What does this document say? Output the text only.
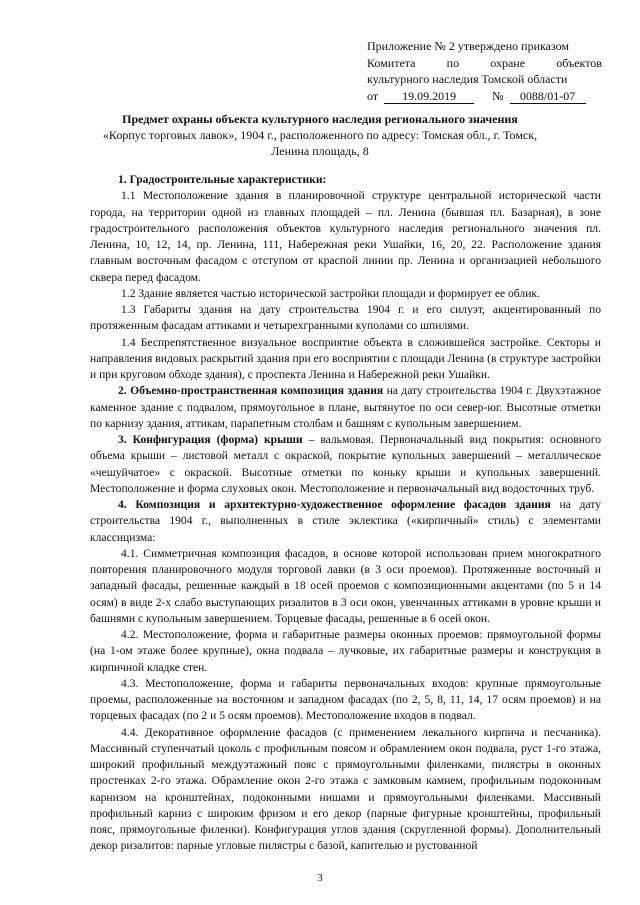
Приложение № 2 утверждено приказом
Комитета	по	охране	объектов
культурного наследия Томской области
от	19.09.2019	№	0088/01-07
Предмет охраны объекта культурного наследия регионального значения
«Корпус торговых лавок», 1904 г., расположенного по адресу: Томская обл., г. Томск,
Ленина площадь, 8

1. Градостроительные характеристики:

1.1 Местоположение здания в планировочной структуре центральной исторической части города, на территории одной из главных площадей – пл. Ленина (бывшая пл. Базарная), в зоне градостроительного расположения объектов культурного наследия регионального значения пл. Ленина, 10, 12, 14, пр. Ленина, 111, Набережная реки Ушайки, 16, 20, 22. Расположение здания главным восточным фасадом с отступом от краспой линии пр. Ленина и организацией небольшого сквера перед фасадом.

1.2 Здание является частью исторической застройки площади и формирует ее облик.

1.3 Габариты здания на дату строительства 1904 г. и его силуэт, акцентированный по протяженным фасадам аттиками и четырехгранными куполами со шпилями.

1.4 Беспрепятственное визуальное восприятие объекта в сложившейся застройке. Секторы и направления видовых раскрытий здания при его восприятии с площади Ленина (в структуре застройки и при круговом обходе здания), с проспекта Ленина и Набережной реки Ушайки.

2. Объемно-пространственная композиция здания на дату строительства 1904 г. Двухэтажное каменное здание с подвалом, прямоугольное в плане, вытянутое по оси север-юг. Высотные отметки по карнизу здания, аттикам, парапетным столбам и башням с купольным завершением.

3. Конфигурация (форма) крыши – вальмовая. Первоначальный вид покрытия: основного объема крыши – листовой металл с окраской, покрытие купольных завершений – металлическое «чешуйчатое» с окраской. Высотные отметки по коньку крыши и купольных завершений. Местоположение и форма слуховых окон. Местоположение и первоначальный вид водосточных труб.

4. Композиция и архитектурно-художественное оформление фасадов здания на дату строительства 1904 г., выполненных в стиле эклектика («кирпичный» стиль) с элементами классицизма:

4.1. Симметричная композиция фасадов, в основе которой использован прием многократного повторения планировочного модуля торговой лавки (в 3 оси проемов). Протяженные восточный и западный фасады, решенные каждый в 18 осей проемов с композиционными акцентами (по 5 и 14 осям) в виде 2-х слабо выступающих ризалитов в 3 оси окон, увенчанных аттиками в уровне крыши и башнями с купольным завершением. Торцевые фасады, решенные в 6 осей окон.

4.2. Местоположение, форма и габаритные размеры оконных проемов: прямоугольной формы (на 1-ом этаже более крупные), окна подвала – лучковые, их габаритные размеры и конструкция в кирпичной кладке стен.

4.3. Местоположение, форма и габариты первоначальных входов: крупные прямоугольные проемы, расположенные на восточном и западном фасадах (по 2, 5, 8, 11, 14, 17 осям проемов) и на торцевых фасадах (по 2 и 5 осям проемов). Местоположение входов в подвал.

4.4. Декоративное оформление фасадов (с применением лекального кирпича и песчаника). Массивный ступенчатый цоколь с профильным поясом и обрамлением окон подвала, руст 1-го этажа, широкий профильный междуэтажный пояс с прямоугольными филенками, пилястры в оконных простенках 2-го этажа. Обрамление окон 2-го этажа с замковым камнем, профильным подоконным карнизом на кронштейнах, подоконными нишами и прямоугольными филенками. Массивный профильный карниз с широким фризом и его декор (парные фигурные кронштейны, профильный пояс, прямоугольные филенки). Конфигурация углов здания (скругленной формы). Дополнительный декор ризалитов: парные угловые пилястры с базой, капителью и рустованной

3
